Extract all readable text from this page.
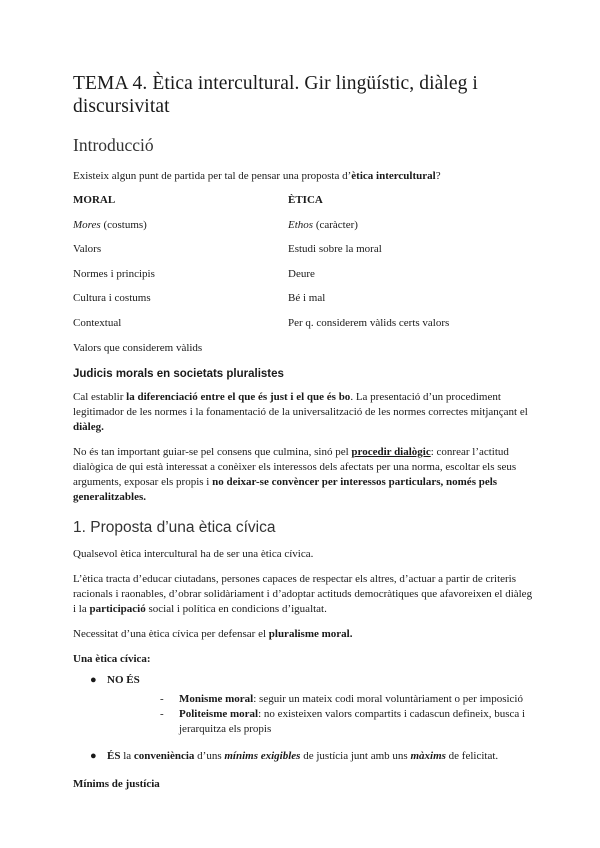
TEMA 4. Ètica intercultural. Gir lingüístic, diàleg i discursivitat
Introducció

Existeix algun punt de partida per tal de pensar una proposta d’ètica intercultural?

MORAL	ÈTICA
Mores (costums)	Ethos (caràcter)
Valors	Estudi sobre la moral
Normes i principis	Deure
Cultura i costums	Bé i mal
Contextual	Per q. considerem vàlids certs valors
Valors que considerem vàlids	
Judicis morals en societats pluralistes

Cal establir la diferenciació entre el que és just i el que és bo. La presentació d’un procediment legitimador de les normes i la fonamentació de la universalització de les normes correctes mitjançant el diàleg.

No és tan important guiar-se pel consens que culmina, sinó pel procedir dialògic: conrear l’actitud dialògica de qui està interessat a conèixer els interessos dels afectats per una norma, escoltar els seus arguments, exposar els propis i no deixar-se convèncer per interessos particulars, només pels generalitzables.

1. Proposta d’una ètica cívica

Qualsevol ètica intercultural ha de ser una ètica cívica.

L’ètica tracta d’educar ciutadans, persones capaces de respectar els altres, d’actuar a partir de criteris racionals i raonables, d’obrar solidàriament i d’adoptar actituds democràtiques que afavoreixen el diàleg i la participació social i política en condicions d’igualtat.

Necessitat d’una ètica cívica per defensar el pluralisme moral.

Una ètica cívica:

● NO ÉS
- Monisme moral: seguir un mateix codi moral voluntàriament o per imposició
- Politeisme moral: no existeixen valors compartits i cadascun defineix, busca i jerarquitza els propis
● ÉS la conveniència d’uns mínims exigibles de justícia junt amb uns màxims de felicitat.

Mínims de justícia
